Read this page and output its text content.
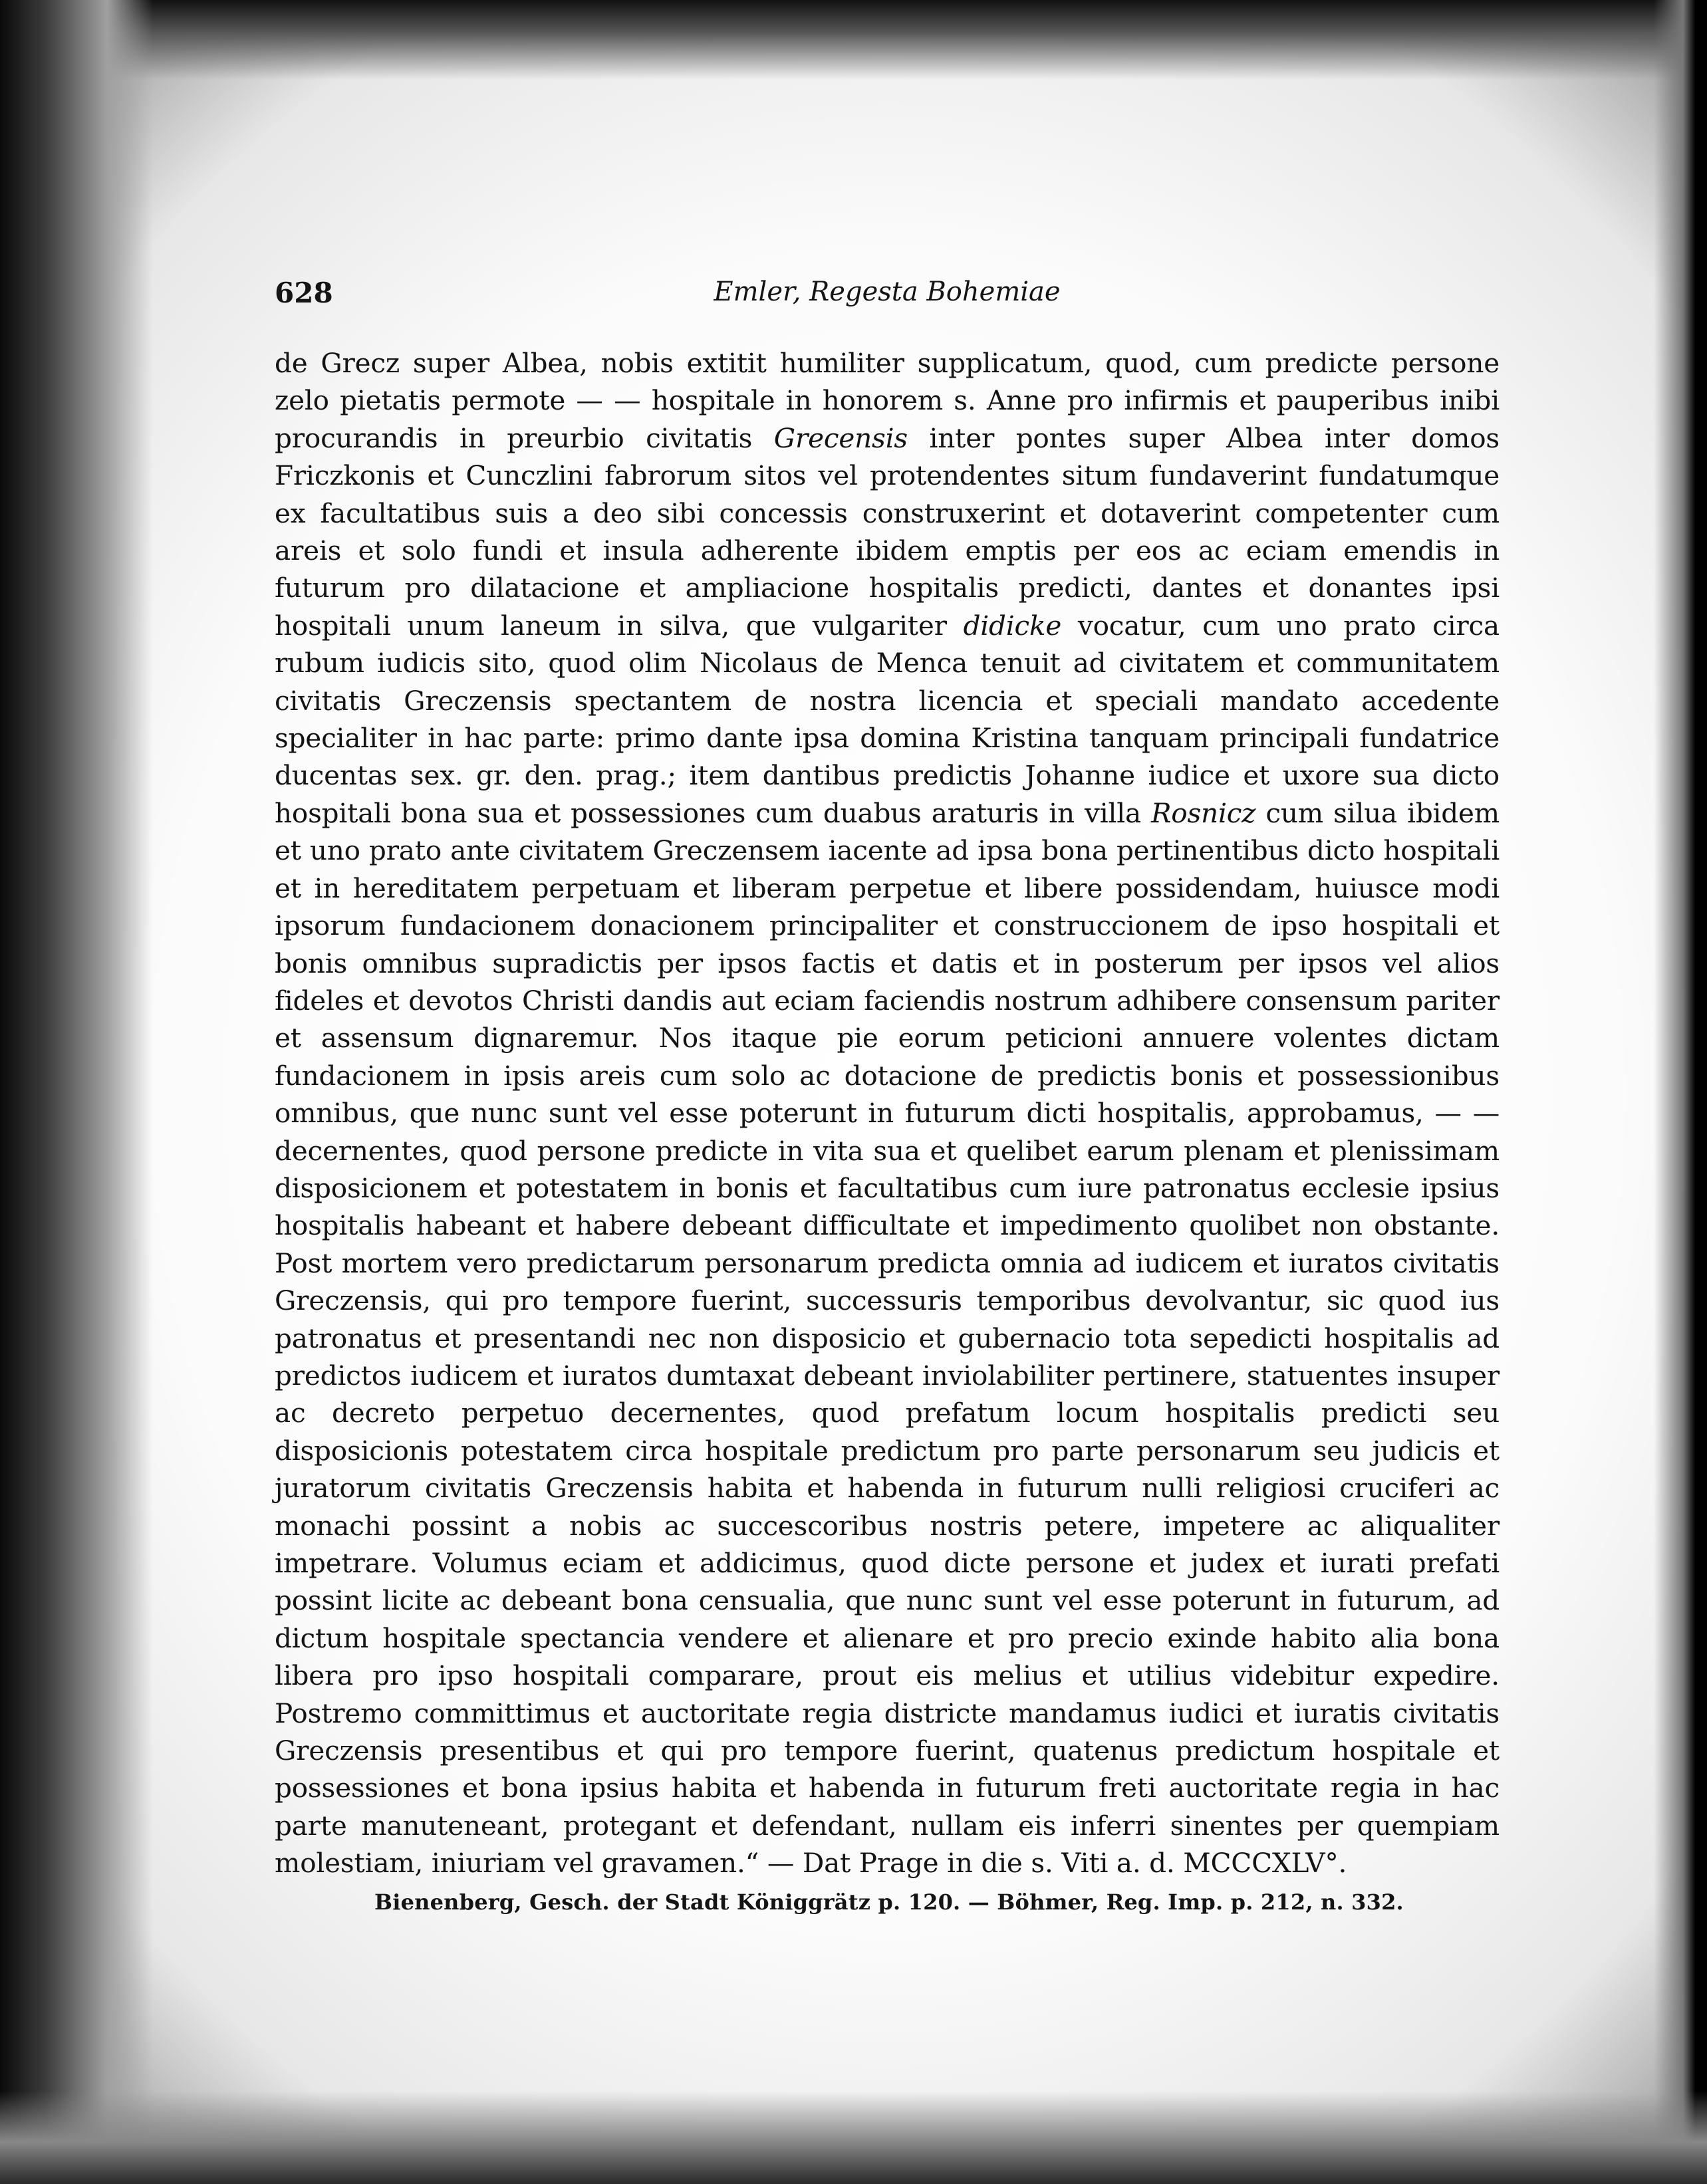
628	Emler, Regesta Bohemiae
de Grecz super Albea, nobis extitit humiliter supplicatum, quod, cum predicte persone zelo pietatis permote — — hospitale in honorem s. Anne pro infirmis et pauperibus inibi procurandis in preurbio civitatis Grecensis inter pontes super Albea inter domos Friczkonis et Cunczlini fabrorum sitos vel protendentes situm fundaverint fundatumque ex facultatibus suis a deo sibi concessis construxerint et dotaverint competenter cum areis et solo fundi et insula adherente ibidem emptis per eos ac eciam emendis in futurum pro dilatacione et ampliacione hospitalis predicti, dantes et donantes ipsi hospitali unum laneum in silva, que vulgariter didicke vocatur, cum uno prato circa rubum iudicis sito, quod olim Nicolaus de Menca tenuit ad civitatem et communitatem civitatis Greczensis spectantem de nostra licencia et speciali mandato accedente specialiter in hac parte: primo dante ipsa domina Kristina tanquam principali fundatrice ducentas sex. gr. den. prag.; item dantibus predictis Johanne iudice et uxore sua dicto hospitali bona sua et possessiones cum duabus araturis in villa Rosnicz cum silua ibidem et uno prato ante civitatem Greczensem iacente ad ipsa bona pertinentibus dicto hospitali et in hereditatem perpetuam et liberam perpetue et libere possidendam, huiusce modi ipsorum fundacionem donacionem principaliter et construccionem de ipso hospitali et bonis omnibus supradictis per ipsos factis et datis et in posterum per ipsos vel alios fideles et devotos Christi dandis aut eciam faciendis nostrum adhibere consensum pariter et assensum dignaremur. Nos itaque pie eorum peticioni annuere volentes dictam fundacionem in ipsis areis cum solo ac dotacione de predictis bonis et possessionibus omnibus, que nunc sunt vel esse poterunt in futurum dicti hospitalis, approbamus, — — decernentes, quod persone predicte in vita sua et quelibet earum plenam et plenissimam disposicionem et potestatem in bonis et facultatibus cum iure patronatus ecclesie ipsius hospitalis habeant et habere debeant difficultate et impedimento quolibet non obstante. Post mortem vero predictarum personarum predicta omnia ad iudicem et iuratos civitatis Greczensis, qui pro tempore fuerint, successuris temporibus devolvantur, sic quod ius patronatus et presentandi nec non disposicio et gubernacio tota sepedicti hospitalis ad predictos iudicem et iuratos dumtaxat debeant inviolabiliter pertinere, statuentes insuper ac decreto perpetuo decernentes, quod prefatum locum hospitalis predicti seu disposicionis potestatem circa hospitale predictum pro parte personarum seu judicis et juratorum civitatis Greczensis habita et habenda in futurum nulli religiosi cruciferi ac monachi possint a nobis ac succescoribus nostris petere, impetere ac aliqualiter impetrare. Volumus eciam et addicimus, quod dicte persone et judex et iurati prefati possint licite ac debeant bona censualia, que nunc sunt vel esse poterunt in futurum, ad dictum hospitale spectancia vendere et alienare et pro precio exinde habito alia bona libera pro ipso hospitali comparare, prout eis melius et utilius videbitur expedire. Postremo committimus et auctoritate regia districte mandamus iudici et iuratis civitatis Greczensis presentibus et qui pro tempore fuerint, quatenus predictum hospitale et possessiones et bona ipsius habita et habenda in futurum freti auctoritate regia in hac parte manuteneant, protegant et defendant, nullam eis inferri sinentes per quempiam molestiam, iniuriam vel gravamen.“ — Dat Prage in die s. Viti a. d. MCCCXLV°.
Bienenberg, Gesch. der Stadt Königgrätz p. 120. — Böhmer, Reg. Imp. p. 212, n. 332.
